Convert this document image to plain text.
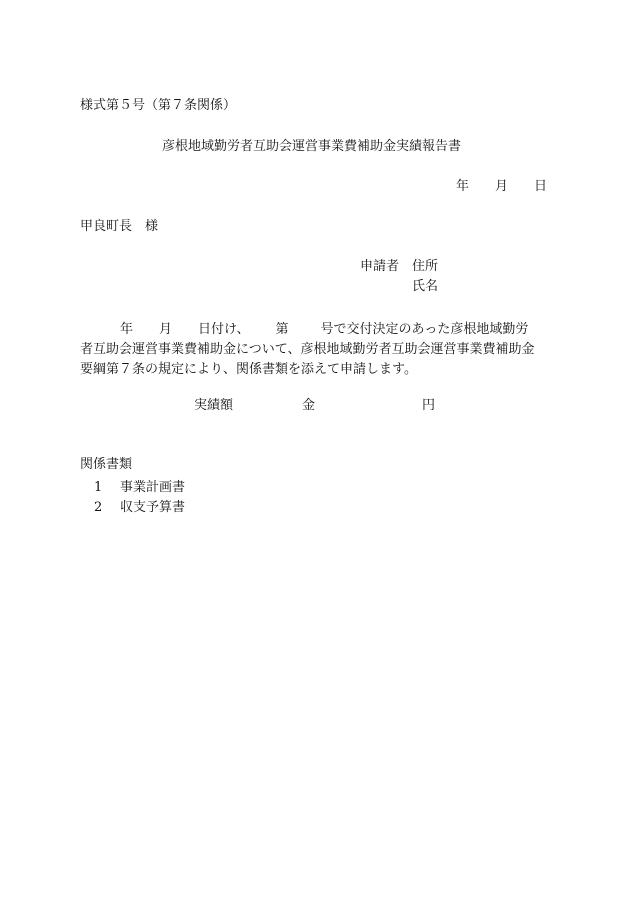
様式第５号（第７条関係）
彦根地域勤労者互助会運営事業費補助金実績報告書
年 月 日
甲良町長　様
申請者　 住所
氏名
年 月 日付け、 第 号で交付決定のあった彦根地域勤労
者互助会運営事業費補助金について、彦根地域勤労者互助会運営事業費補助金
要綱第７条の規定により、関係書類を添えて申請します。
実績額	金	円
関係書類
1 事業計画書
2 収支予算書
